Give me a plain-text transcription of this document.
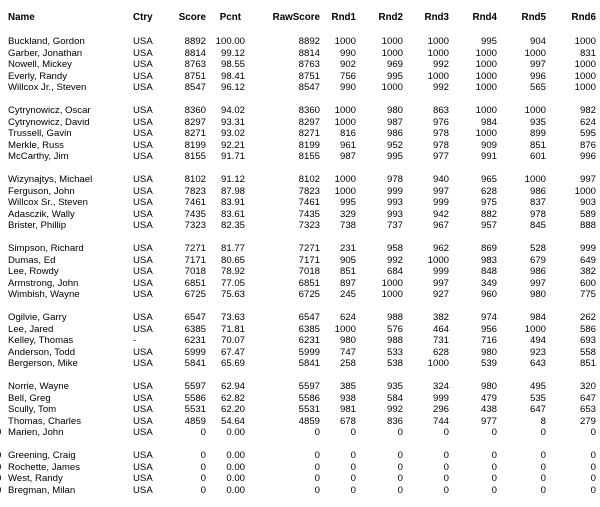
Name	Ctry	Score	Pcnt	RawScore	Rnd1	Rnd2	Rnd3	Rnd4	Rnd5	Rnd6
Buckland, Gordon	USA	8892	100.00	8892	1000	1000	1000	995	904	1000
Garber, Jonathan	USA	8814	99.12	8814	990	1000	1000	1000	1000	831
Nowell, Mickey	USA	8763	98.55	8763	902	969	992	1000	997	1000
Everly, Randy	USA	8751	98.41	8751	756	995	1000	1000	996	1000
Willcox Jr., Steven	USA	8547	96.12	8547	990	1000	992	1000	565	1000
Cytrynowicz, Oscar	USA	8360	94.02	8360	1000	980	863	1000	1000	982
Cytrynowicz, David	USA	8297	93.31	8297	1000	987	976	984	935	624
Trussell, Gavin	USA	8271	93.02	8271	816	986	978	1000	899	595
Merkle, Russ	USA	8199	92.21	8199	961	952	978	909	851	876
McCarthy, Jim	USA	8155	91.71	8155	987	995	977	991	601	996
Wizynajtys, Michael	USA	8102	91.12	8102	1000	978	940	965	1000	997
Ferguson, John	USA	7823	87.98	7823	1000	999	997	628	986	1000
Willcox Sr., Steven	USA	7461	83.91	7461	995	993	999	975	837	903
Adasczik, Wally	USA	7435	83.61	7435	329	993	942	882	978	589
Brister, Phillip	USA	7323	82.35	7323	738	737	967	957	845	888
Simpson, Richard	USA	7271	81.77	7271	231	958	962	869	528	999
Dumas, Ed	USA	7171	80.65	7171	905	992	1000	983	679	649
Lee, Rowdy	USA	7018	78.92	7018	851	684	999	848	986	382
Armstrong, John	USA	6851	77.05	6851	897	1000	997	349	997	600
Wimbish, Wayne	USA	6725	75.63	6725	245	1000	927	960	980	775
Ogilvie, Garry	USA	6547	73.63	6547	624	988	382	974	984	262
Lee, Jared	USA	6385	71.81	6385	1000	576	464	956	1000	586
Kelley, Thomas	-	6231	70.07	6231	980	988	731	716	494	693
Anderson, Todd	USA	5999	67.47	5999	747	533	628	980	923	558
Bergerson, Mike	USA	5841	65.69	5841	258	538	1000	539	643	851
Norrie, Wayne	USA	5597	62.94	5597	385	935	324	980	495	320
Bell, Greg	USA	5586	62.82	5586	938	584	999	479	535	647
Scully, Tom	USA	5531	62.20	5531	981	992	296	438	647	653
Thomas, Charles	USA	4859	54.64	4859	678	836	744	977	8	279
Marien, John	USA	0	0.00	0	0	0	0	0	0	0
Greening, Craig	USA	0	0.00	0	0	0	0	0	0	0
Rochette, James	USA	0	0.00	0	0	0	0	0	0	0
West, Randy	USA	0	0.00	0	0	0	0	0	0	0
Bregman, Milan	USA	0	0.00	0	0	0	0	0	0	0
